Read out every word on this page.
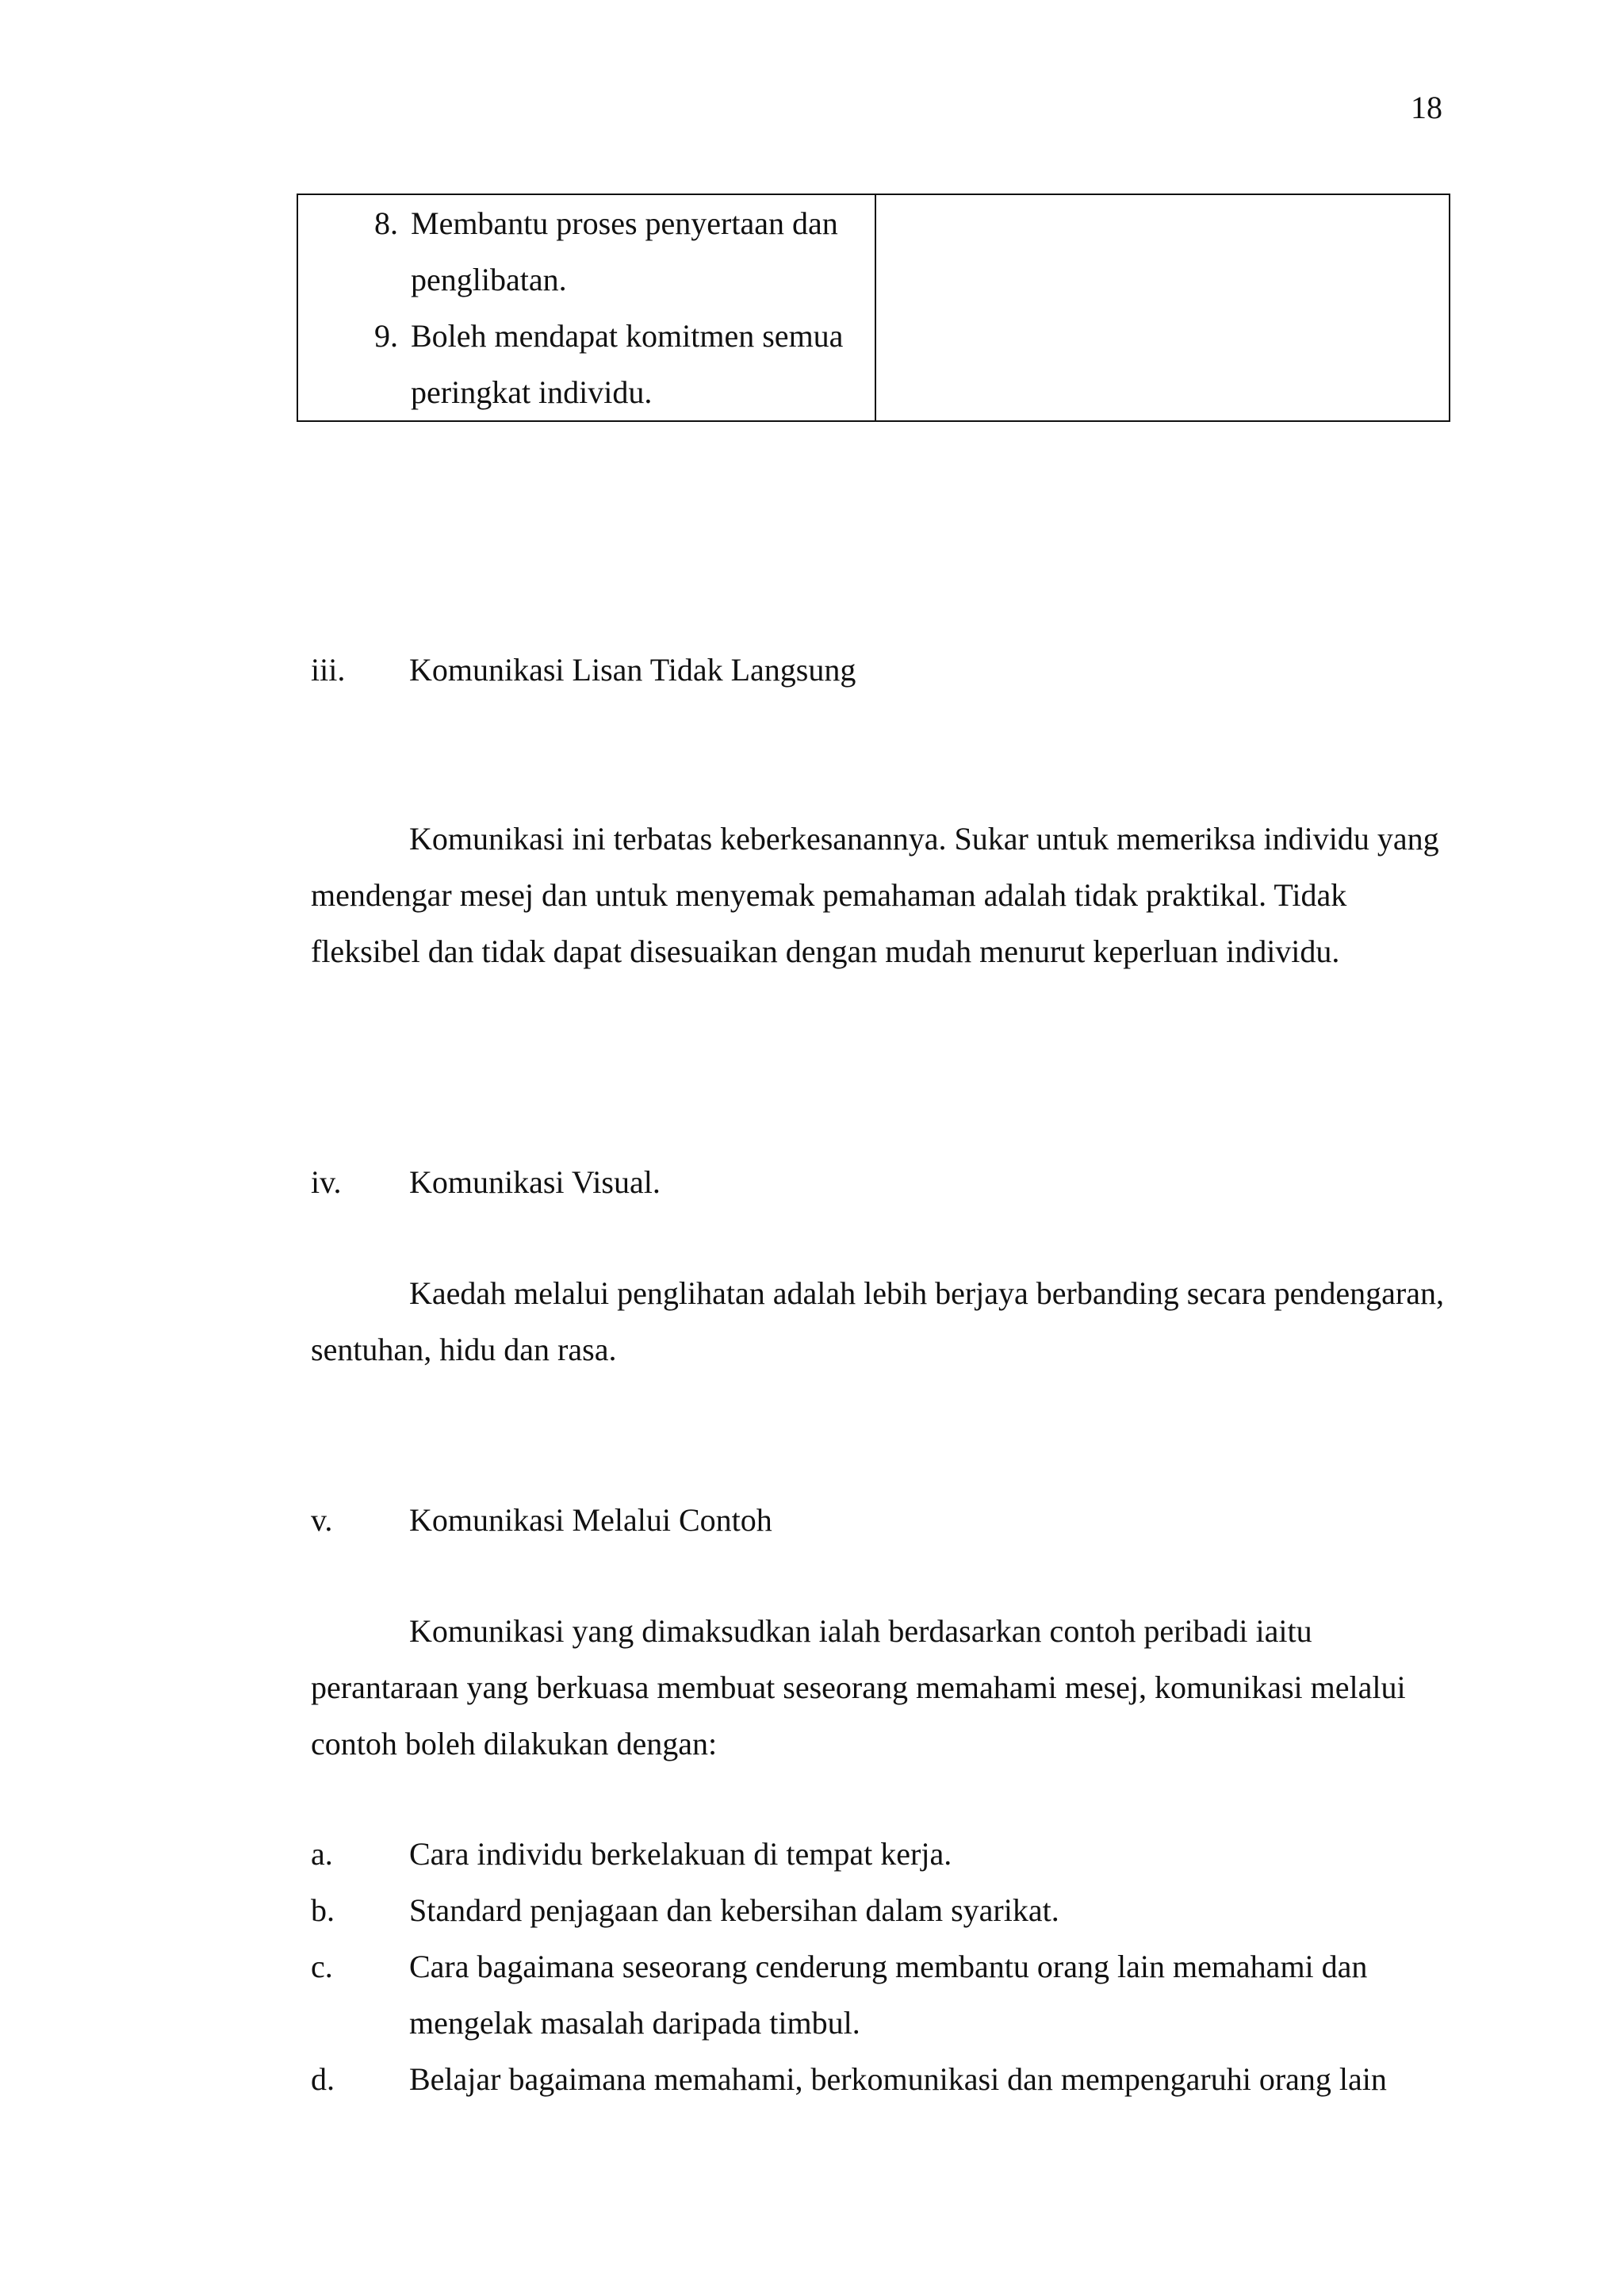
18
8. Membantu proses penyertaan dan penglibatan.
9. Boleh mendapat komitmen semua peringkat individu.
iii.	Komunikasi Lisan Tidak Langsung

Komunikasi ini terbatas keberkesanannya. Sukar untuk memeriksa individu yang mendengar mesej dan untuk menyemak pemahaman adalah tidak praktikal. Tidak fleksibel dan tidak dapat disesuaikan dengan mudah menurut keperluan individu.

iv.	Komunikasi Visual.

Kaedah melalui penglihatan adalah lebih berjaya berbanding secara pendengaran, sentuhan, hidu dan rasa.

v.	Komunikasi Melalui Contoh

Komunikasi yang dimaksudkan ialah berdasarkan contoh peribadi iaitu perantaraan yang berkuasa membuat seseorang memahami mesej, komunikasi melalui contoh boleh dilakukan dengan:

a.	Cara individu berkelakuan di tempat kerja.
b.	Standard penjagaan dan kebersihan dalam syarikat.
c.	Cara bagaimana seseorang cenderung membantu orang lain memahami dan mengelak masalah daripada timbul.
d.	Belajar bagaimana memahami, berkomunikasi dan mempengaruhi orang lain
